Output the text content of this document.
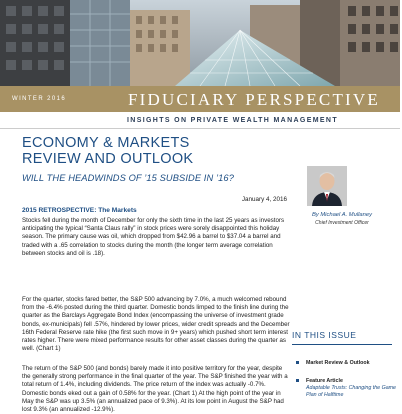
WINTER 2016	FIDUCIARY PERSPECTIVE
INSIGHTS ON PRIVATE WEALTH MANAGEMENT
ECONOMY & MARKETS
REVIEW AND OUTLOOK
WILL THE HEADWINDS OF ’15 SUBSIDE IN ’16?
January 4, 2016
2015 RETROSPECTIVE: The Markets

Stocks fell during the month of December for only the sixth time in the last 25 years as investors anticipating the typical “Santa Claus rally” in stock prices were sorely disappointed this holiday season. The primary cause was oil, which dropped from $42.96 a barrel to $37.04 a barrel and traded with a .65 correlation to stocks during the month (the longer term average correlation between stocks and oil is .18).

For the quarter, stocks fared better, the S&P 500 advancing by 7.0%, a much welcomed rebound from the -6.4% posted during the third quarter. Domestic bonds limped to the finish line during the quarter as the Barclays Aggregate Bond Index (encompassing the universe of investment grade bonds, ex-municipals) fell .57%, hindered by lower prices, wider credit spreads and the December 16th Federal Reserve rate hike (the first such move in 9+ years) which pushed short term interest rates higher. There were mixed performance results for other asset classes during the quarter as well. (Chart 1)

The return of the S&P 500 (and bonds) barely made it into positive territory for the year, despite the generally strong performance in the final quarter of the year. The S&P finished the year with a total return of 1.4%, including dividends. The price return of the index was actually -0.7%. Domestic bonds eked out a gain of 0.58% for the year. (Chart 1) At the high point of the year in May the S&P was up 3.5% (an annualized pace of 9.3%). At its low point in August the S&P had lost 9.3% (an annualized -12.9%).

By Michael A. Mullaney
Chief Investment Officer
IN THIS ISSUE
Market Review & Outlook
Feature Article
Adaptable Trusts: Changing the Game Plan of Halftime
